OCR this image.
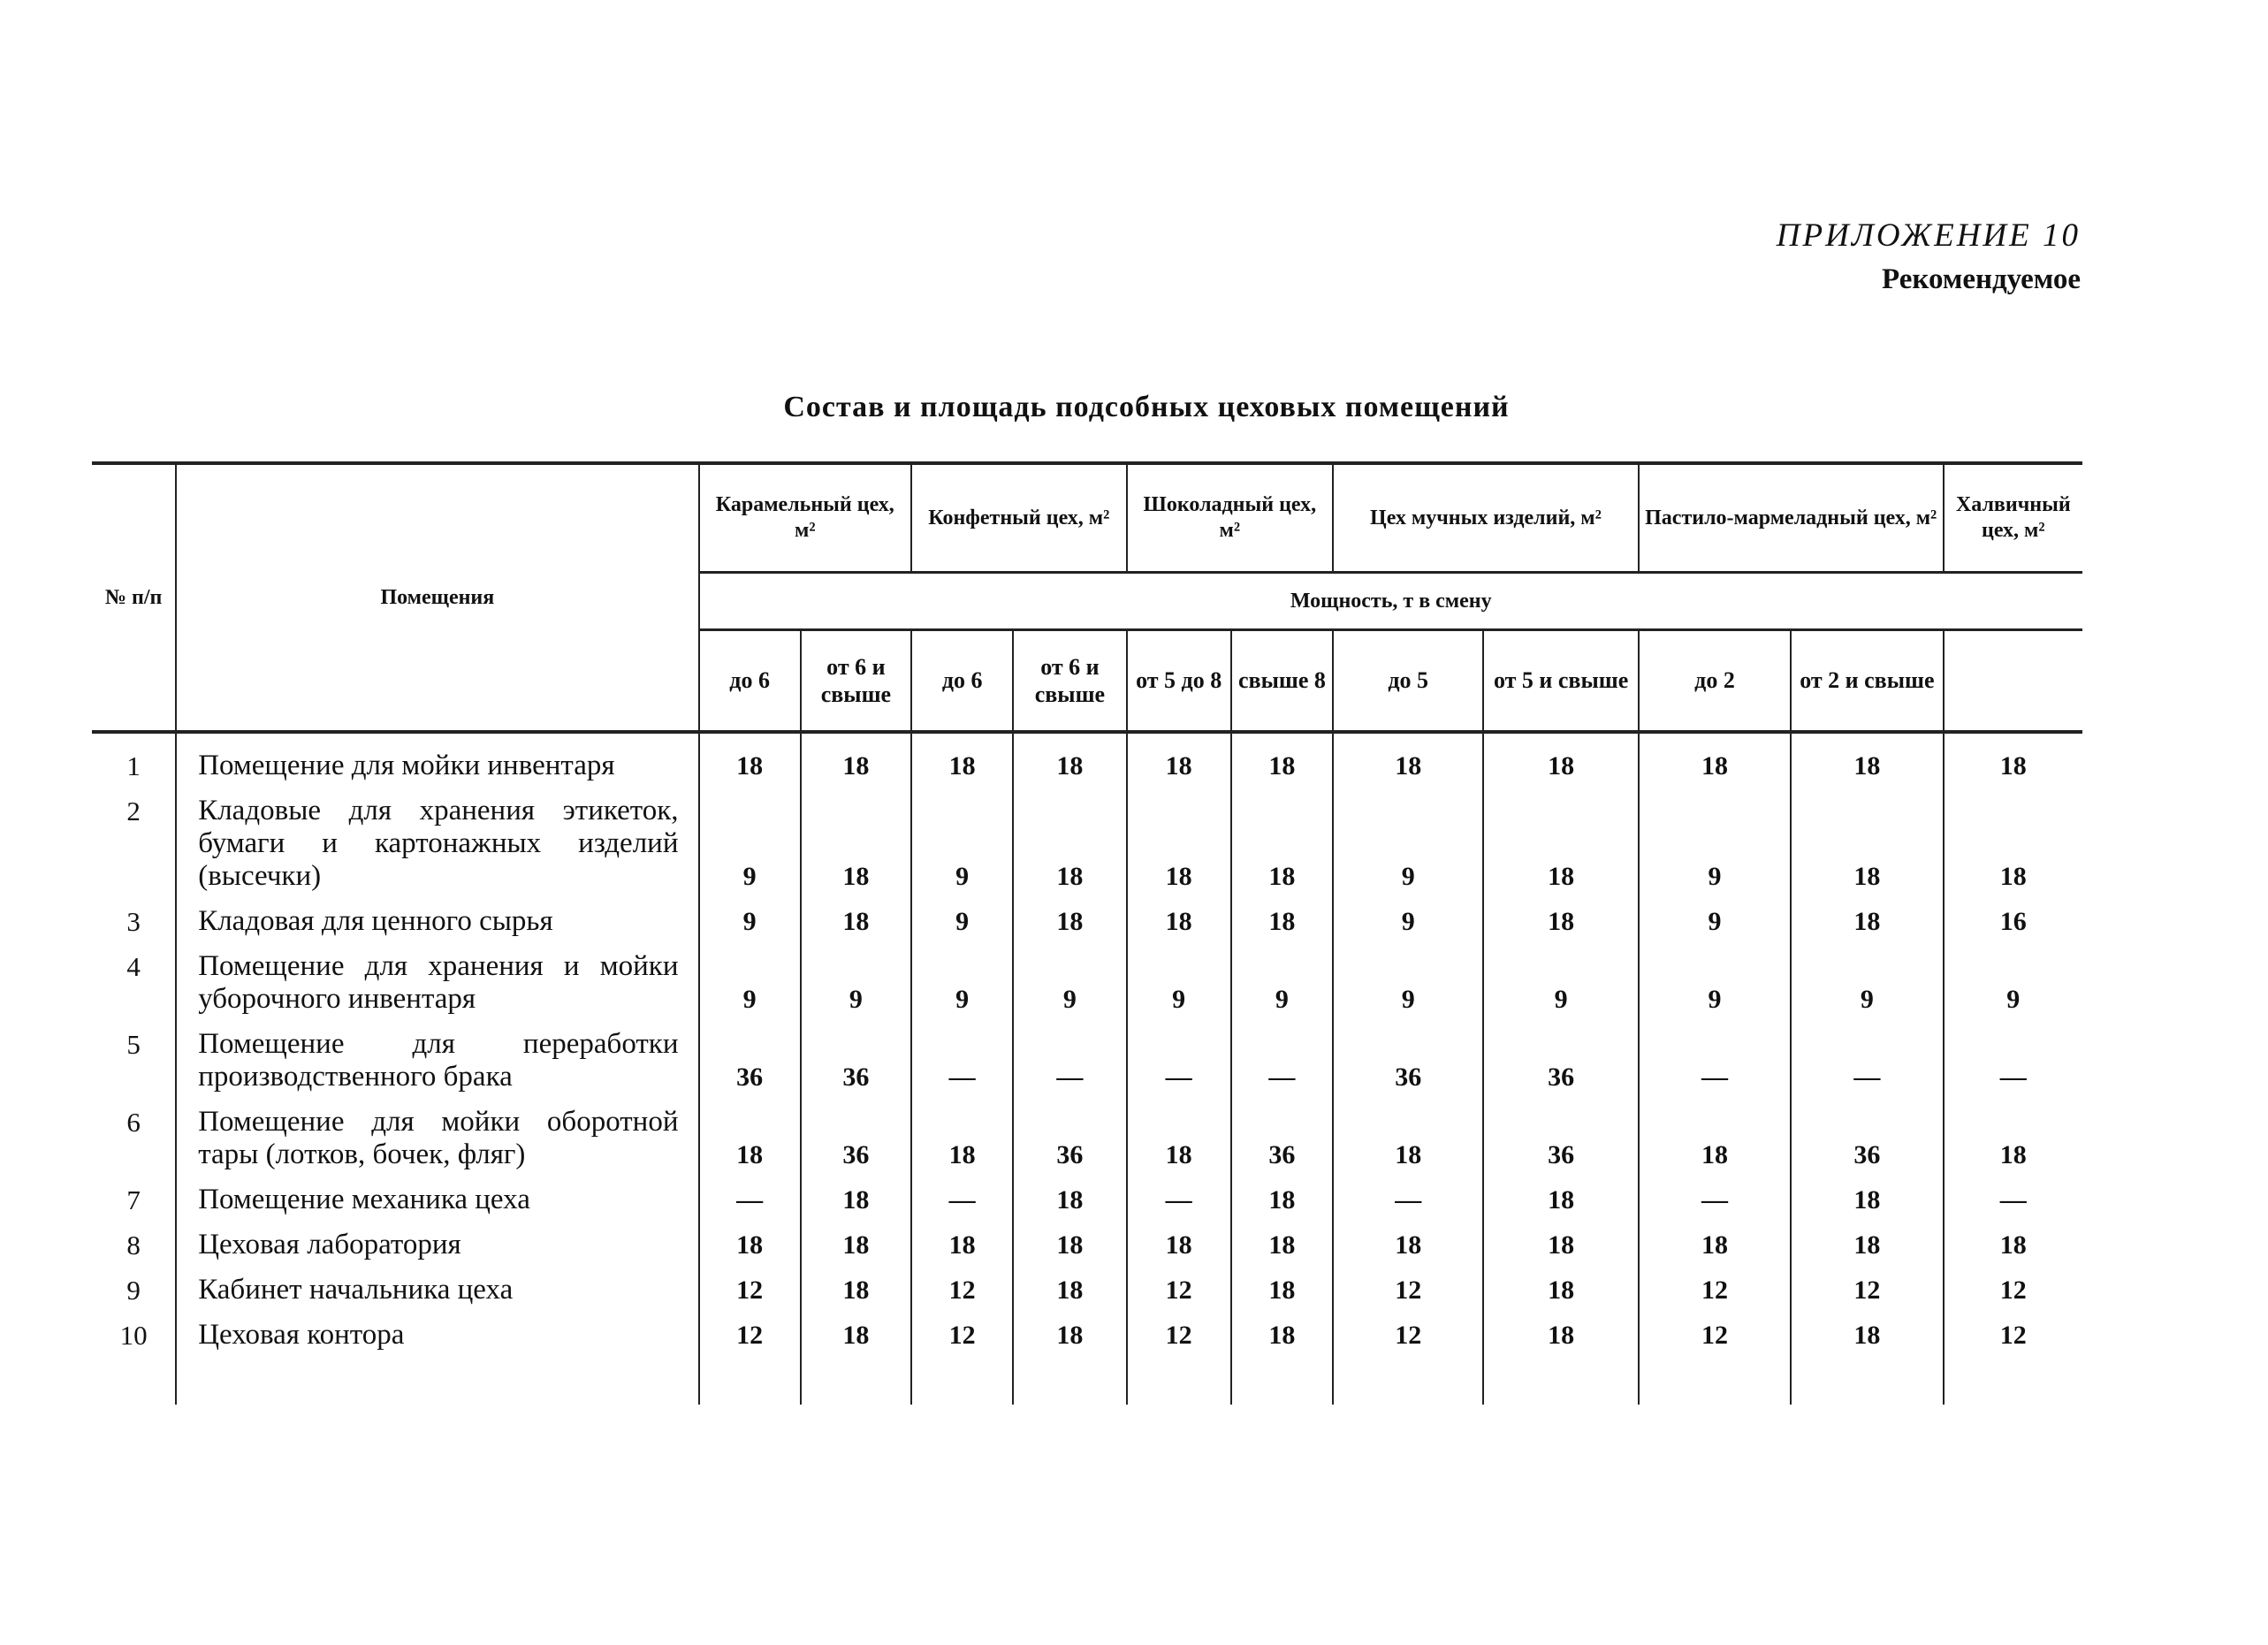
ПРИЛОЖЕНИЕ 10
Рекомендуемое
Состав и площадь подсобных цеховых помещений
№ п/п	Помещения	Карамельный цех, м²		Конфетный цех, м²		Шоколадный цех, м²		Цех мучных изделий, м²		Пастило-мармеладный цех, м²		Халвичный цех, м²
		Мощность, т в смену										
		до 6	от 6 и свыше	до 6	от 6 и свыше	от 5 до 8	свыше 8	до 5	от 5 и свыше	до 2	от 2 и свыше	
1	Помещение для мойки инвентаря	18	18	18	18	18	18	18	18	18	18	18
2	Кладовые для хранения этикеток, бумаги и картонажных изделий (высечки)	9	18	9	18	18	18	9	18	9	18	18
3	Кладовая для ценного сырья	9	18	9	18	18	18	9	18	9	18	16
4	Помещение для хранения и мойки уборочного инвентаря	9	9	9	9	9	9	9	9	9	9	9
5	Помещение для переработки производственного брака	36	36	—	—	—	—	36	36	—	—	—
6	Помещение для мойки оборотной тары (лотков, бочек, фляг)	18	36	18	36	18	36	18	36	18	36	18
7	Помещение механика цеха	—	18	—	18	—	18	—	18	—	18	—
8	Цеховая лаборатория	18	18	18	18	18	18	18	18	18	18	18
9	Кабинет начальника цеха	12	18	12	18	12	18	12	18	12	12	12
10	Цеховая контора	12	18	12	18	12	18	12	18	12	18	12
